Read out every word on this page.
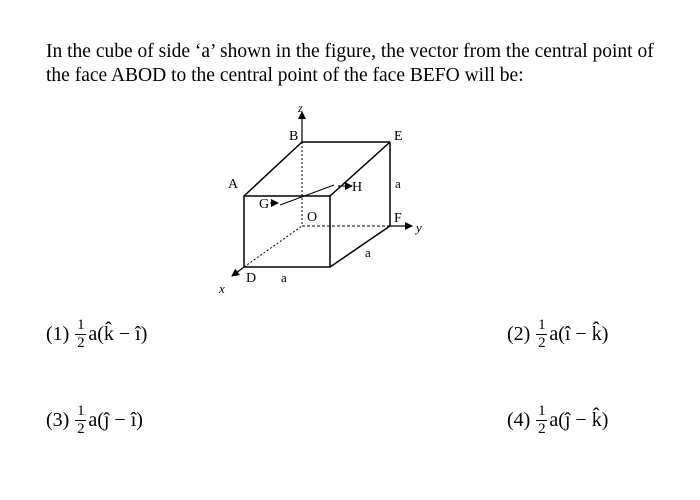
In the cube of side ‘a’ shown in the figure, the vector from the central point of the face ABOD to the central point of the face BEFO will be:

z
B	E
A	H	a
G
O	F
y
a
D a
x
$(1) \frac{1}{2}$ a(k̂ − î)	$(2) \frac{1}{2}$ a(î − k̂)
$(3) \frac{1}{2}$ a(ĵ − î)	$(4) \frac{1}{2}$ a(ĵ − k̂)
